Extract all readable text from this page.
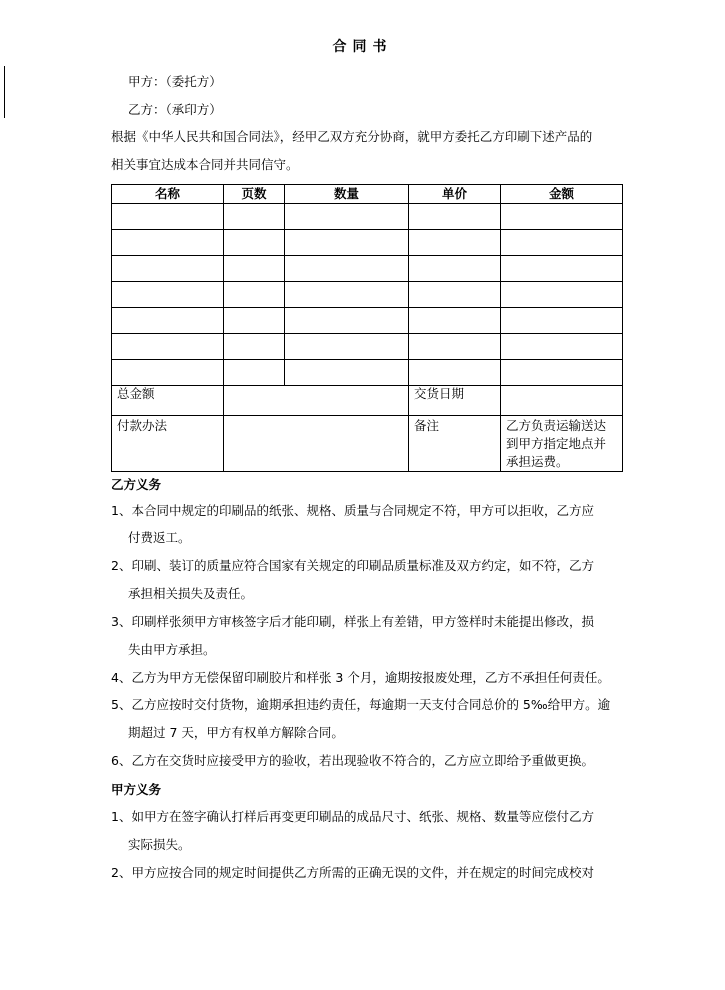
合同书
甲方：（委托方）
乙方：（承印方）
根据《中华人民共和国合同法》，经甲乙双方充分协商，就甲方委托乙方印刷下述产品的
相关事宜达成本合同并共同信守。
名称	页数	数量	单价	金额

总金额			交货日期	
付款办法			备注	乙方负责运输送达
到甲方指定地点并
承担运费。
乙方义务
1、本合同中规定的印刷品的纸张、规格、质量与合同规定不符，甲方可以拒收，乙方应
付费返工。
2、印刷、装订的质量应符合国家有关规定的印刷品质量标准及双方约定，如不符，乙方
承担相关损失及责任。
3、印刷样张须甲方审核签字后才能印刷，样张上有差错，甲方签样时未能提出修改，损
失由甲方承担。
4、乙方为甲方无偿保留印刷胶片和样张 3 个月，逾期按报废处理，乙方不承担任何责任。
5、乙方应按时交付货物，逾期承担违约责任，每逾期一天支付合同总价的 5‰给甲方。逾
期超过 7 天，甲方有权单方解除合同。
6、乙方在交货时应接受甲方的验收，若出现验收不符合的，乙方应立即给予重做更换。
甲方义务
1、如甲方在签字确认打样后再变更印刷品的成品尺寸、纸张、规格、数量等应偿付乙方
实际损失。
2、甲方应按合同的规定时间提供乙方所需的正确无误的文件，并在规定的时间完成校对
